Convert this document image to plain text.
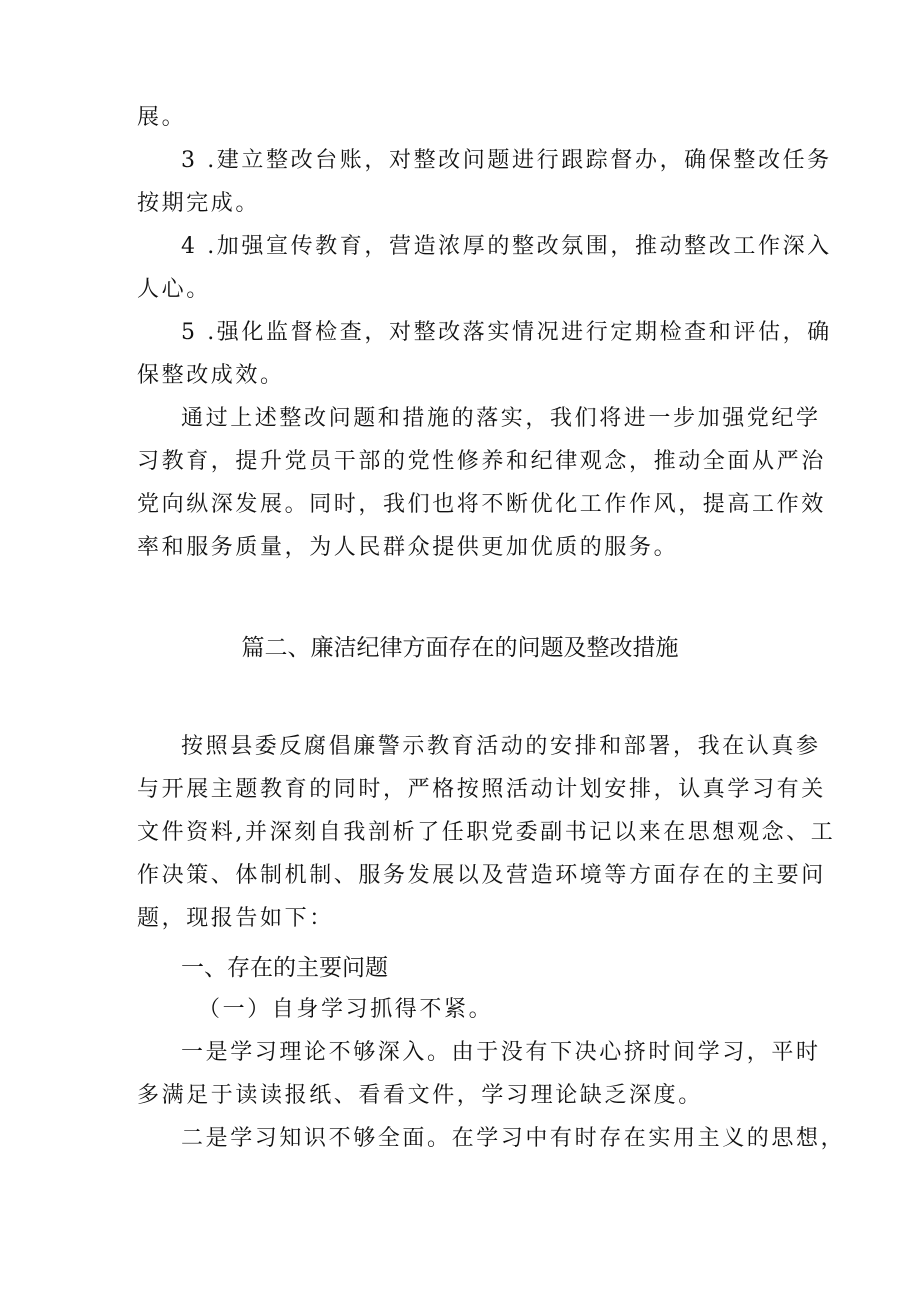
展。
3 .建立整改台账，对整改问题进行跟踪督办，确保整改任务
按期完成。
4 .加强宣传教育，营造浓厚的整改氛围，推动整改工作深入
人心。
5 .强化监督检查，对整改落实情况进行定期检查和评估，确
保整改成效。
通过上述整改问题和措施的落实，我们将进一步加强党纪学
习教育，提升党员干部的党性修养和纪律观念，推动全面从严治
党向纵深发展。同时，我们也将不断优化工作作风，提高工作效
率和服务质量，为人民群众提供更加优质的服务。
篇二、廉洁纪律方面存在的问题及整改措施
按照县委反腐倡廉警示教育活动的安排和部署，我在认真参
与开展主题教育的同时，严格按照活动计划安排，认真学习有关
文件资料,并深刻自我剖析了任职党委副书记以来在思想观念、工
作决策、体制机制、服务发展以及营造环境等方面存在的主要问
题，现报告如下：
一、存在的主要问题
（一）自身学习抓得不紧。
一是学习理论不够深入。由于没有下决心挤时间学习，平时
多满足于读读报纸、看看文件，学习理论缺乏深度。
二是学习知识不够全面。在学习中有时存在实用主义的思想，
